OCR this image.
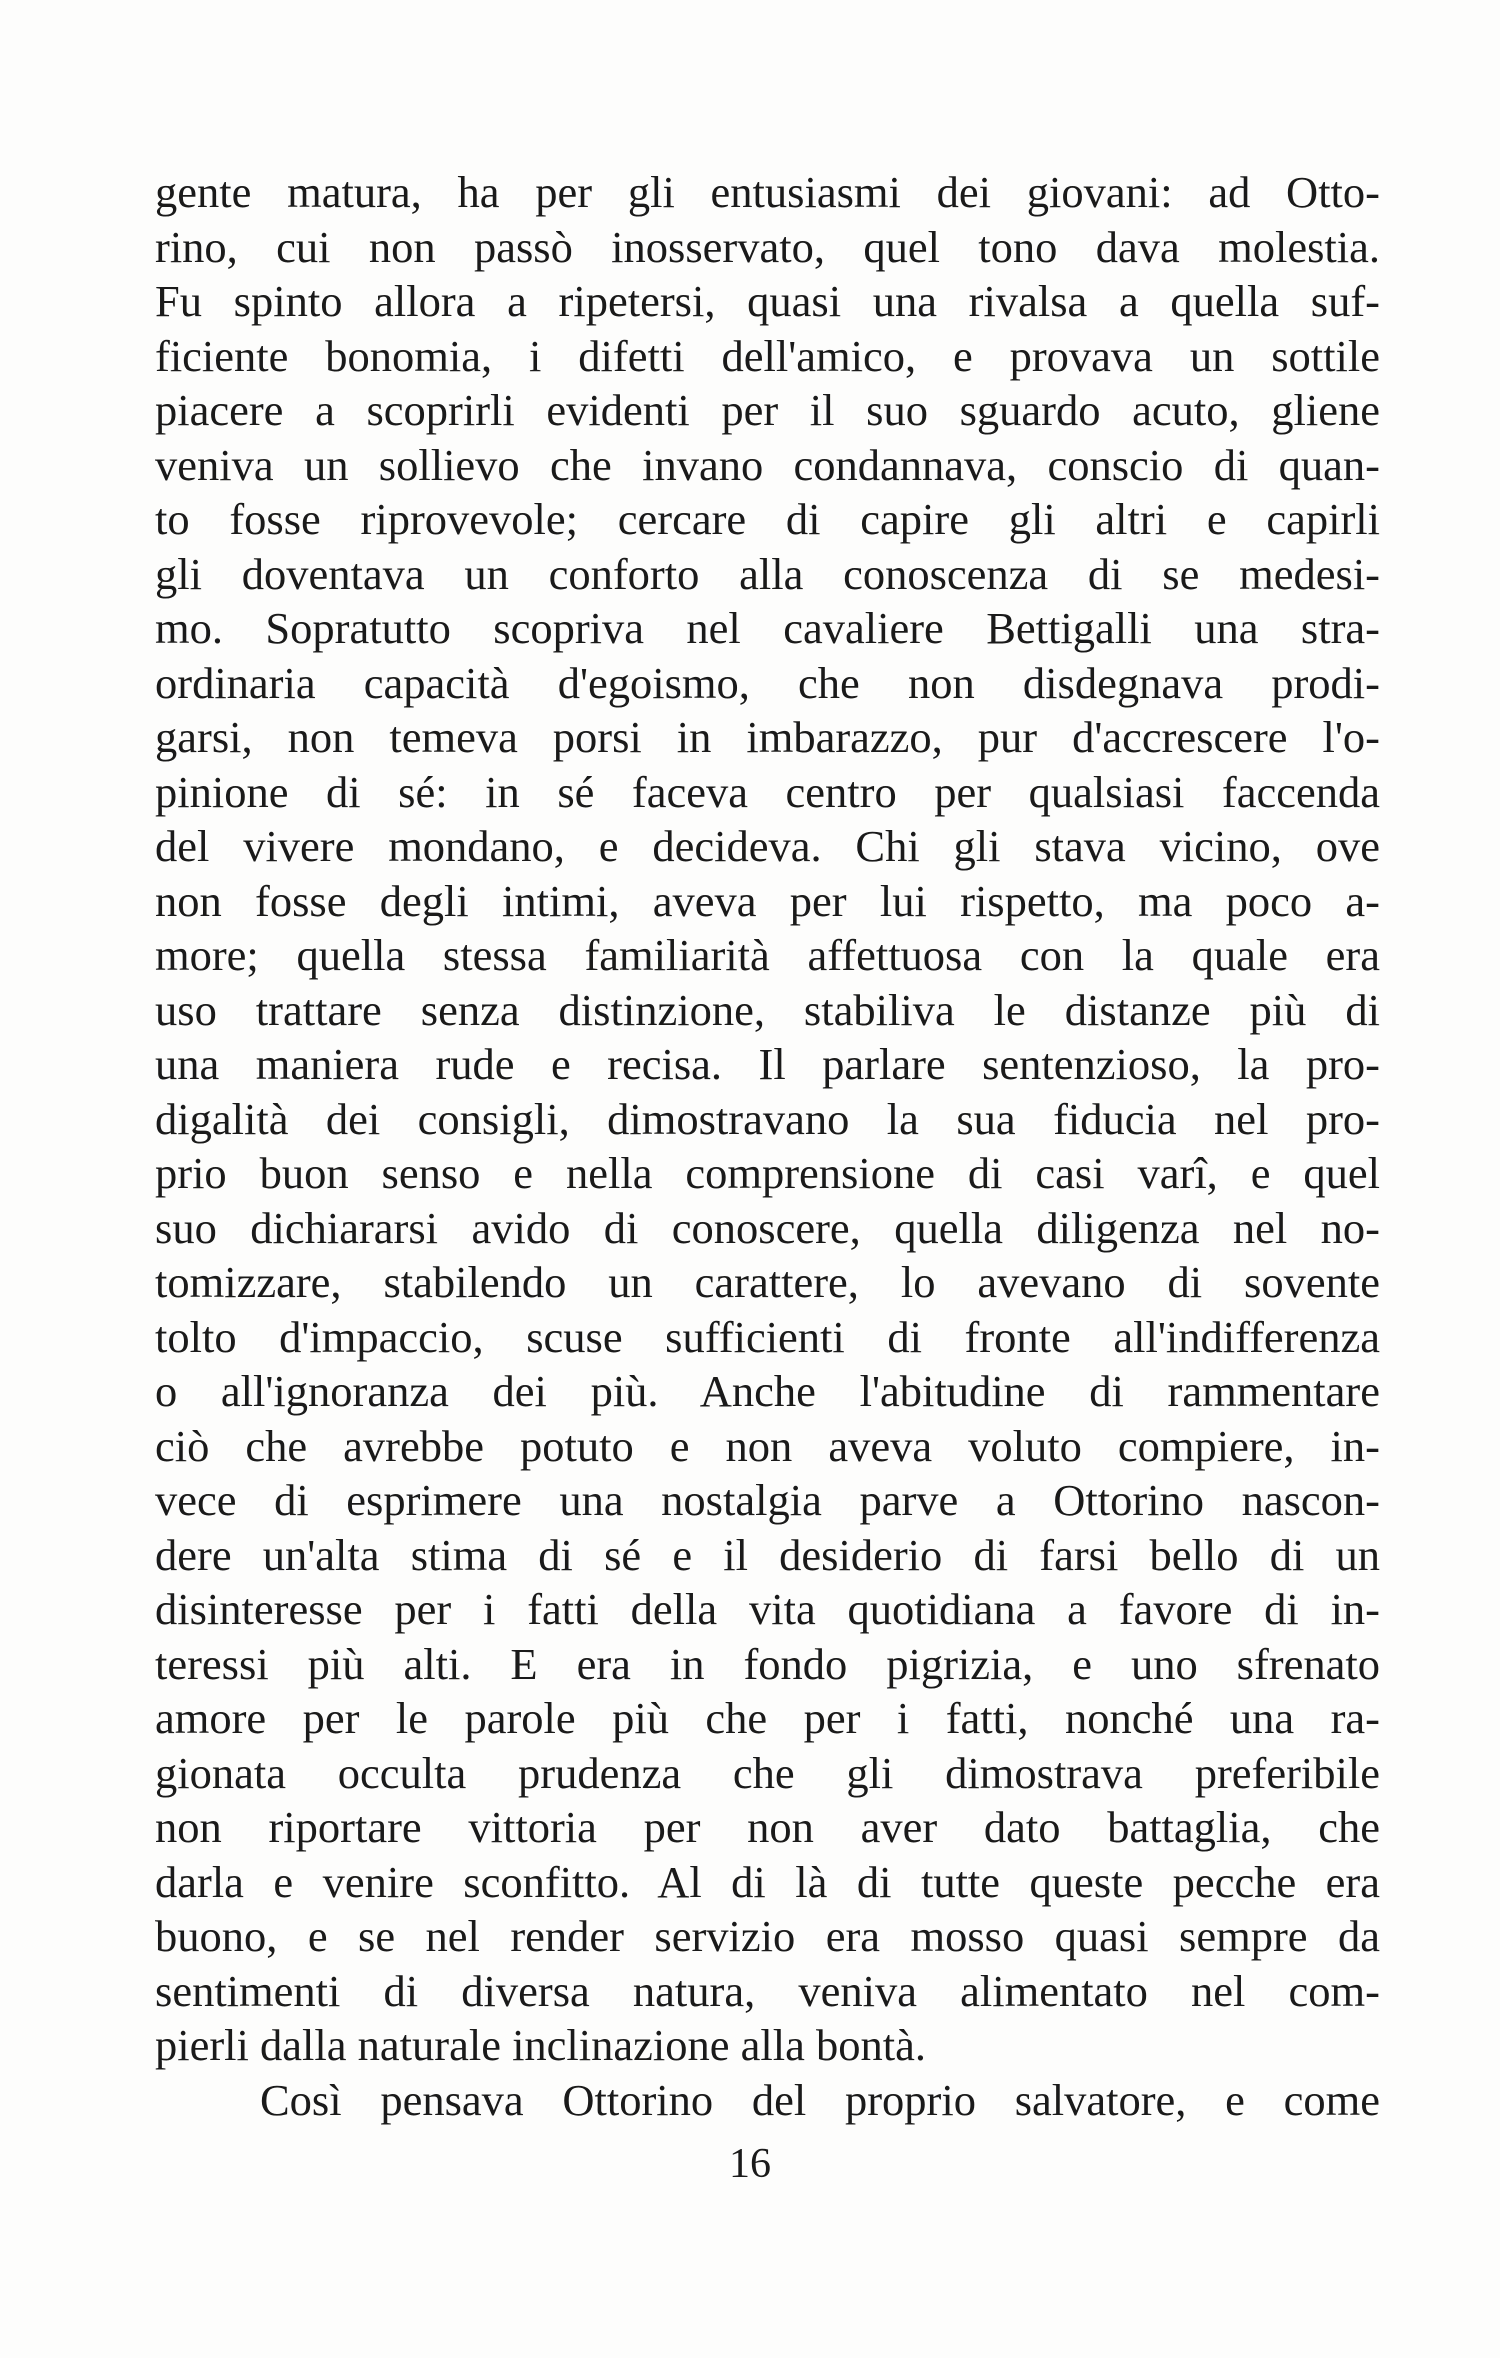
gente matura, ha per gli entusiasmi dei giovani: ad Otto-
rino, cui non passò inosservato, quel tono dava molestia.
Fu spinto allora a ripetersi, quasi una rivalsa a quella suf-
ficiente bonomia, i difetti dell'amico, e provava un sottile
piacere a scoprirli evidenti per il suo sguardo acuto, gliene
veniva un sollievo che invano condannava, conscio di quan-
to fosse riprovevole; cercare di capire gli altri e capirli
gli doventava un conforto alla conoscenza di se medesi-
mo. Sopratutto scopriva nel cavaliere Bettigalli una stra-
ordinaria capacità d'egoismo, che non disdegnava prodi-
garsi, non temeva porsi in imbarazzo, pur d'accrescere l'o-
pinione di sé: in sé faceva centro per qualsiasi faccenda
del vivere mondano, e decideva. Chi gli stava vicino, ove
non fosse degli intimi, aveva per lui rispetto, ma poco a-
more; quella stessa familiarità affettuosa con la quale era
uso trattare senza distinzione, stabiliva le distanze più di
una maniera rude e recisa. Il parlare sentenzioso, la pro-
digalità dei consigli, dimostravano la sua fiducia nel pro-
prio buon senso e nella comprensione di casi varî, e quel
suo dichiararsi avido di conoscere, quella diligenza nel no-
tomizzare, stabilendo un carattere, lo avevano di sovente
tolto d'impaccio, scuse sufficienti di fronte all'indifferenza
o all'ignoranza dei più. Anche l'abitudine di rammentare
ciò che avrebbe potuto e non aveva voluto compiere, in-
vece di esprimere una nostalgia parve a Ottorino nascon-
dere un'alta stima di sé e il desiderio di farsi bello di un
disinteresse per i fatti della vita quotidiana a favore di in-
teressi più alti. E era in fondo pigrizia, e uno sfrenato
amore per le parole più che per i fatti, nonché una ra-
gionata occulta prudenza che gli dimostrava preferibile
non riportare vittoria per non aver dato battaglia, che
darla e venire sconfitto. Al di là di tutte queste pecche era
buono, e se nel render servizio era mosso quasi sempre da
sentimenti di diversa natura, veniva alimentato nel com-
pierli dalla naturale inclinazione alla bontà.
Così pensava Ottorino del proprio salvatore, e come
16
